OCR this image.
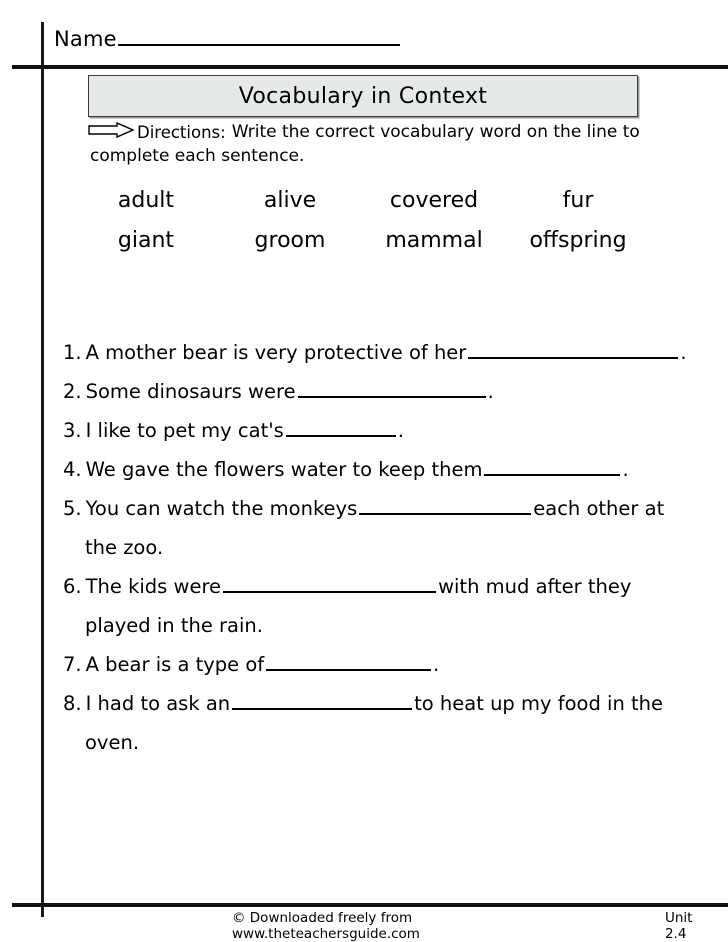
Name
Vocabulary in Context
Directions: Write the correct vocabulary word on the line to
complete each sentence.
adult	alive	covered	fur
giant	groom	mammal	offspring
1. A mother bear is very protective of her	.
2. Some dinosaurs were	.
3. I like to pet my cat's	.
4. We gave the flowers water to keep them	.
5. You can watch the monkeys	each other at
the zoo.
6. The kids were	with mud after they
played in the rain.
7. A bear is a type of	.
8. I had to ask an	to heat up my food in the
oven.
© Downloaded freely from www.theteachersguide.com
Unit 2.4
